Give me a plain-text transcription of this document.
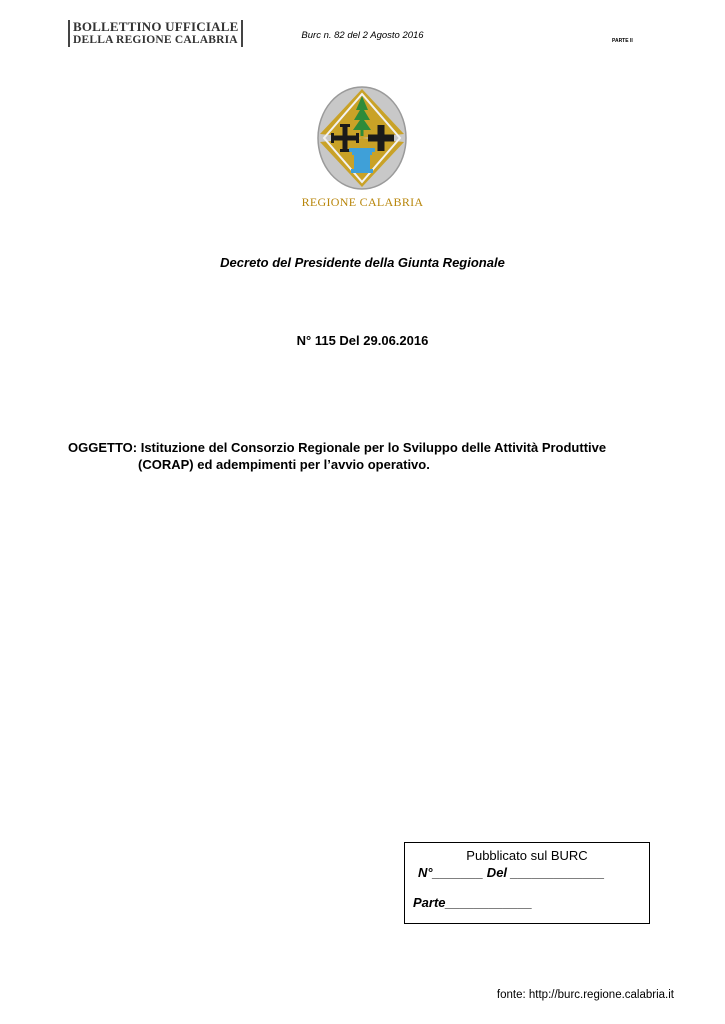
BOLLETTINO UFFICIALE
DELLA REGIONE CALABRIA	Burc n. 82 del 2 Agosto 2016	PARTE II
REGIONE CALABRIA
Decreto del Presidente della Giunta Regionale
N° 115 Del 29.06.2016
OGGETTO: Istituzione del Consorzio Regionale per lo Sviluppo delle Attività Produttive
(CORAP) ed adempimenti per l’avvio operativo.
Pubblicato sul BURC
N°_______ Del _____________
Parte____________
fonte: http://burc.regione.calabria.it
